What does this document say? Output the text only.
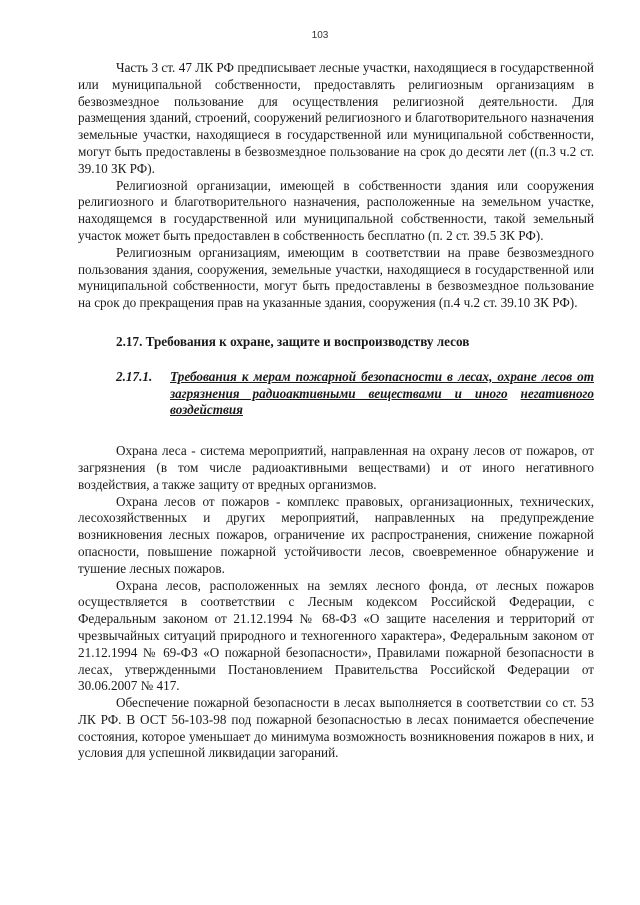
103

Часть 3 ст. 47 ЛК РФ предписывает лесные участки, находящиеся в государственной или муниципальной собственности, предоставлять религиозным организациям в безвозмездное пользование для осуществления религиозной деятельности. Для размещения зданий, строений, сооружений религиозного и благотворительного назначения земельные участки, находящиеся в государственной или муниципальной собственности, могут быть предоставлены в безвозмездное пользование на срок до десяти лет ((п.3 ч.2 ст. 39.10 ЗК РФ).

Религиозной организации, имеющей в собственности здания или сооружения религиозного и благотворительного назначения, расположенные на земельном участке, находящемся в государственной или муниципальной собственности, такой земельный участок может быть предоставлен в собственность бесплатно (п. 2 ст. 39.5 ЗК РФ).

Религиозным организациям, имеющим в соответствии на праве безвозмездного пользования здания, сооружения, земельные участки, находящиеся в государственной или муниципальной собственности, могут быть предоставлены в безвозмездное пользование на срок до прекращения прав на указанные здания, сооружения (п.4 ч.2 ст. 39.10 ЗК РФ).

2.17. Требования к охране, защите и воспроизводству лесов
2.17.1.	Требования к мерам пожарной безопасности в лесах, охране лесов от загрязнения радиоактивными веществами и иного негативного воздействия

Охрана леса - система мероприятий, направленная на охрану лесов от пожаров, от загрязнения (в том числе радиоактивными веществами) и от иного негативного воздействия, а также защиту от вредных организмов.

Охрана лесов от пожаров - комплекс правовых, организационных, технических, лесохозяйственных и других мероприятий, направленных на предупреждение возникновения лесных пожаров, ограничение их распространения, снижение пожарной опасности, повышение пожарной устойчивости лесов, своевременное обнаружение и тушение лесных пожаров.

Охрана лесов, расположенных на землях лесного фонда, от лесных пожаров осуществляется в соответствии с Лесным кодексом Российской Федерации, с Федеральным законом от 21.12.1994 № 68-ФЗ «О защите населения и территорий от чрезвычайных ситуаций природного и техногенного характера», Федеральным законом от 21.12.1994 № 69-ФЗ «О пожарной безопасности», Правилами пожарной безопасности в лесах, утвержденными Постановлением Правительства Российской Федерации от 30.06.2007 № 417.

Обеспечение пожарной безопасности в лесах выполняется в соответствии со ст. 53 ЛК РФ. В ОСТ 56-103-98 под пожарной безопасностью в лесах понимается обеспечение состояния, которое уменьшает до минимума возможность возникновения пожаров в них, и условия для успешной ликвидации загораний.
